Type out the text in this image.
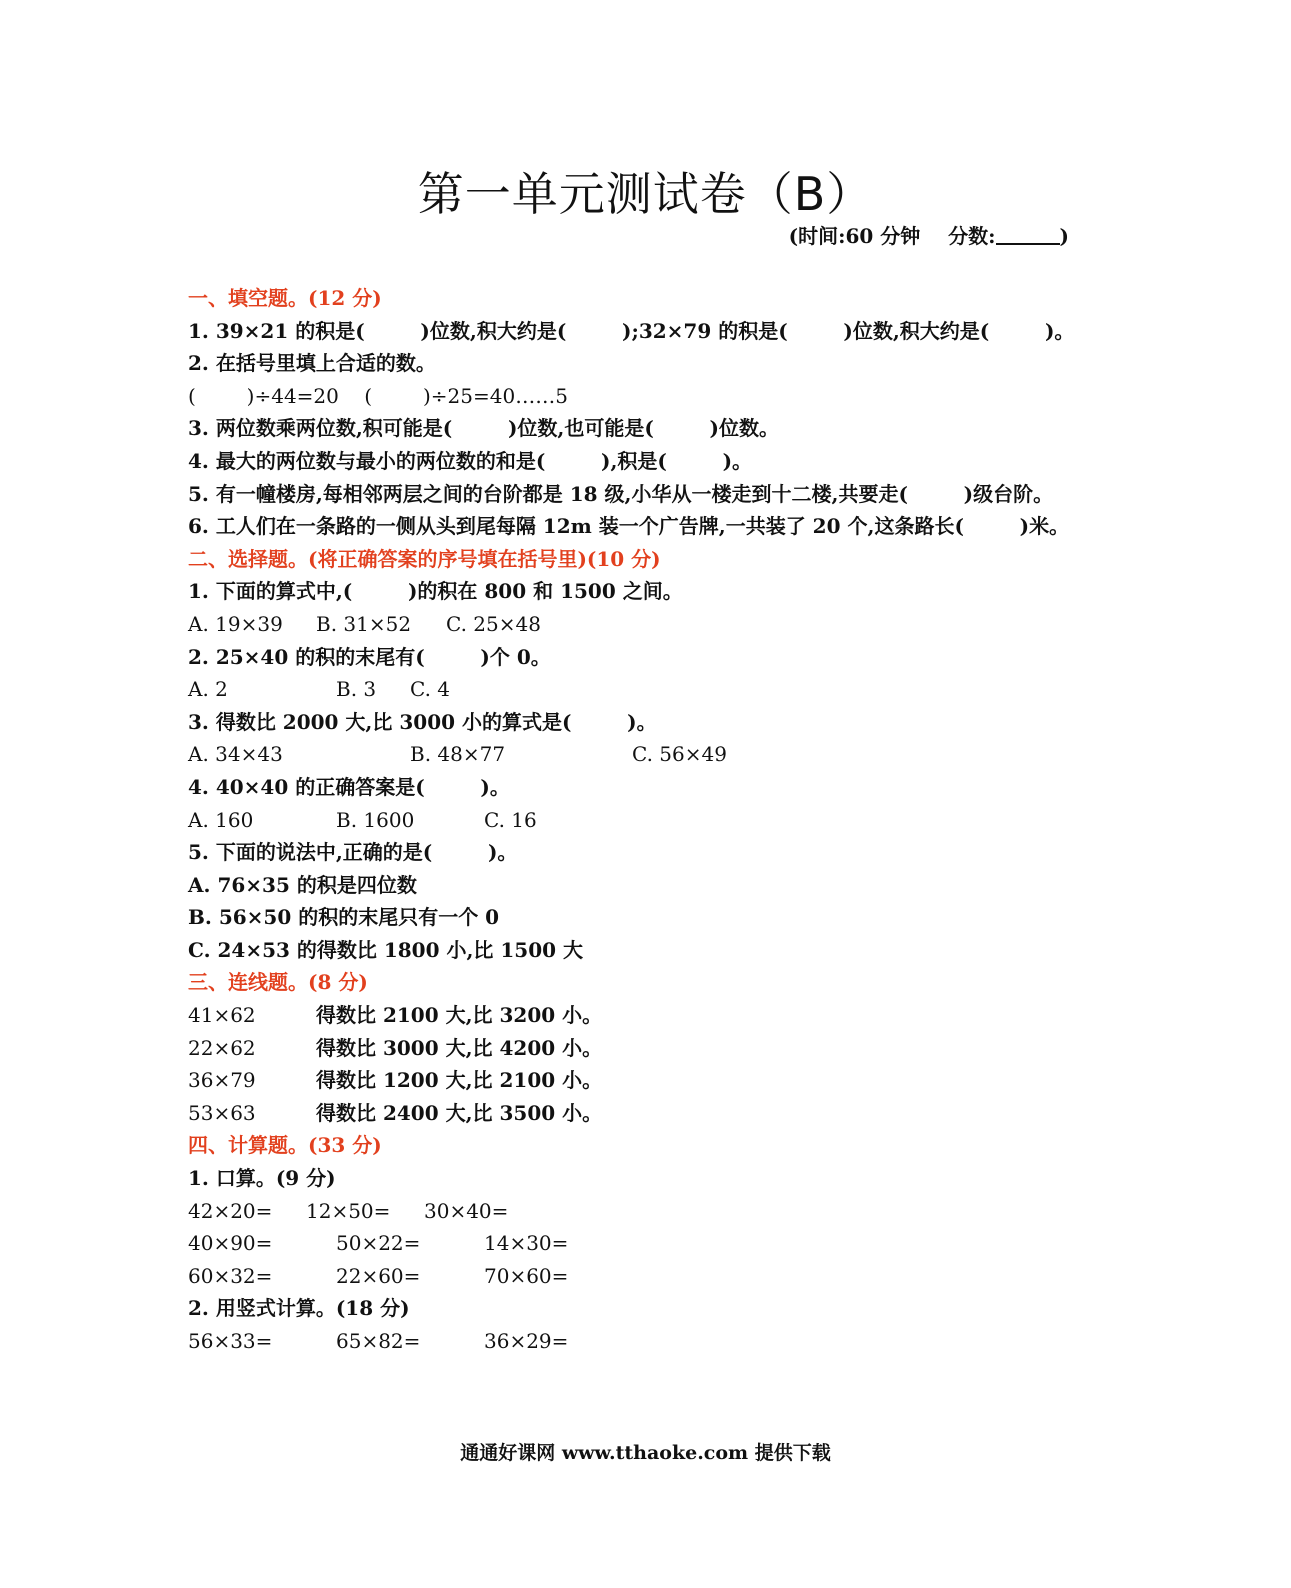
第一单元测试卷（B）
(时间:60 分钟    分数:	)
一、填空题。(12 分)
1. 39×21 的积是(        )位数,积大约是(        );32×79 的积是(        )位数,积大约是(        )。
2. 在括号里填上合适的数。
(        )÷44=20    (        )÷25=40……5
3. 两位数乘两位数,积可能是(        )位数,也可能是(        )位数。
4. 最大的两位数与最小的两位数的和是(        ),积是(        )。
5. 有一幢楼房,每相邻两层之间的台阶都是 18 级,小华从一楼走到十二楼,共要走(        )级台阶。
6. 工人们在一条路的一侧从头到尾每隔 12m 装一个广告牌,一共装了 20 个,这条路长(        )米。
二、选择题。(将正确答案的序号填在括号里)(10 分)
1. 下面的算式中,(        )的积在 800 和 1500 之间。
A. 19×39 B. 31×52 C. 25×48
2. 25×40 的积的末尾有(        )个 0。
A. 2	B. 3 C. 4
3. 得数比 2000 大,比 3000 小的算式是(        )。
A. 34×43	B. 48×77	C. 56×49
4. 40×40 的正确答案是(        )。
A. 160	B. 1600	C. 16
5. 下面的说法中,正确的是(        )。
A. 76×35 的积是四位数
B. 56×50 的积的末尾只有一个 0
C. 24×53 的得数比 1800 小,比 1500 大
三、连线题。(8 分)
41×62	得数比 2100 大,比 3200 小。
22×62	得数比 3000 大,比 4200 小。
36×79	得数比 1200 大,比 2100 小。
53×63	得数比 2400 大,比 3500 小。
四、计算题。(33 分)
1. 口算。(9 分)
42×20= 12×50= 30×40=
40×90=	50×22=	14×30=
60×32=	22×60=	70×60=
2. 用竖式计算。(18 分)
56×33=	65×82=	36×29=
通通好课网 www.tthaoke.com 提供下载
